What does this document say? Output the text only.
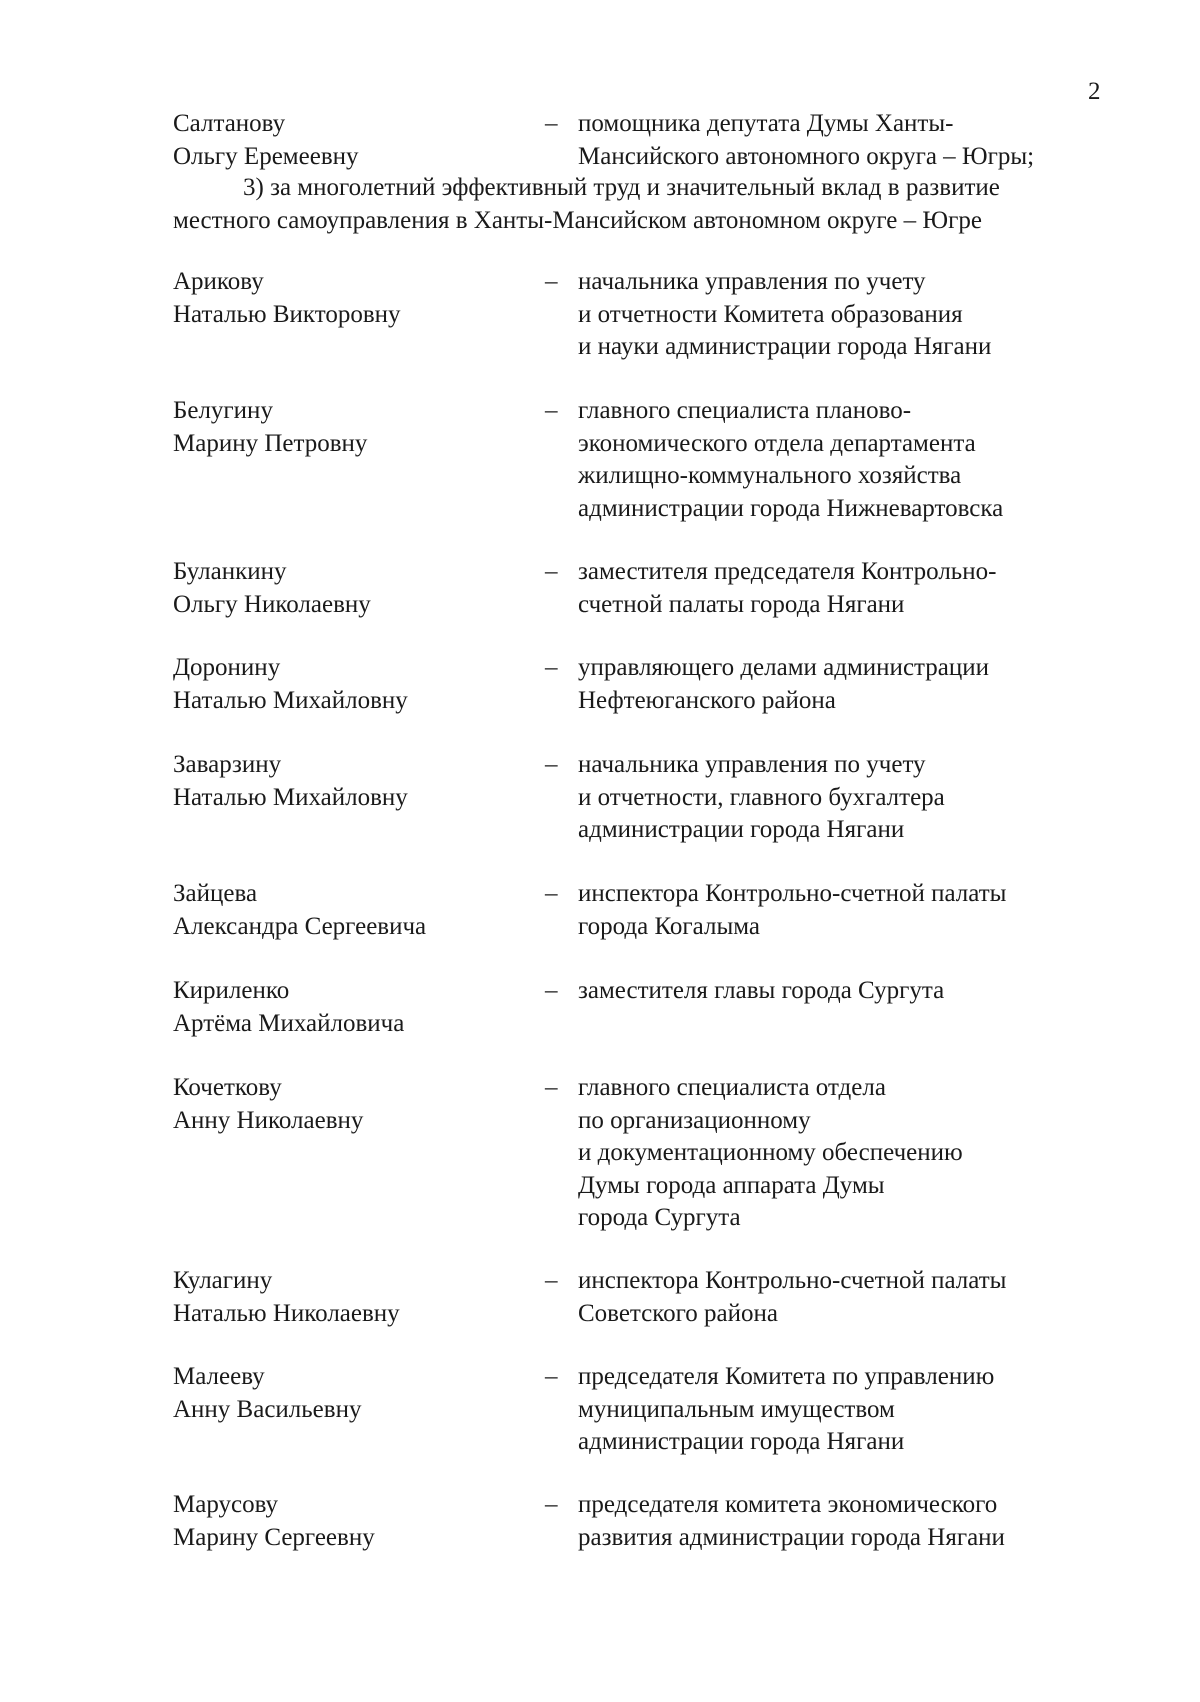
2
Салтанову
Ольгу Еремеевну
– помощника депутата Думы Ханты-
Мансийского автономного округа – Югры;
3) за многолетний эффективный труд и значительный вклад в развитие
местного самоуправления в Ханты-Мансийском автономном округе – Югре
Арикову
Наталью Викторовну
– начальника управления по учету
и отчетности Комитета образования
и науки администрации города Нягани
Белугину
Марину Петровну
– главного специалиста планово-
экономического отдела департамента
жилищно-коммунального хозяйства
администрации города Нижневартовска
Буланкину
Ольгу Николаевну
– заместителя председателя Контрольно-
счетной палаты города Нягани
Доронину
Наталью Михайловну
– управляющего делами администрации
Нефтеюганского района
Заварзину
Наталью Михайловну
– начальника управления по учету
и отчетности, главного бухгалтера
администрации города Нягани
Зайцева
Александра Сергеевича
– инспектора Контрольно-счетной палаты
города Когалыма
Кириленко
Артёма Михайловича
– заместителя главы города Сургута
Кочеткову
Анну Николаевну
– главного специалиста отдела
по организационному
и документационному обеспечению
Думы города аппарата Думы
города Сургута
Кулагину
Наталью Николаевну
– инспектора Контрольно-счетной палаты
Советского района
Малееву
Анну Васильевну
– председателя Комитета по управлению
муниципальным имуществом
администрации города Нягани
Марусову
Марину Сергеевну
– председателя комитета экономического
развития администрации города Нягани
